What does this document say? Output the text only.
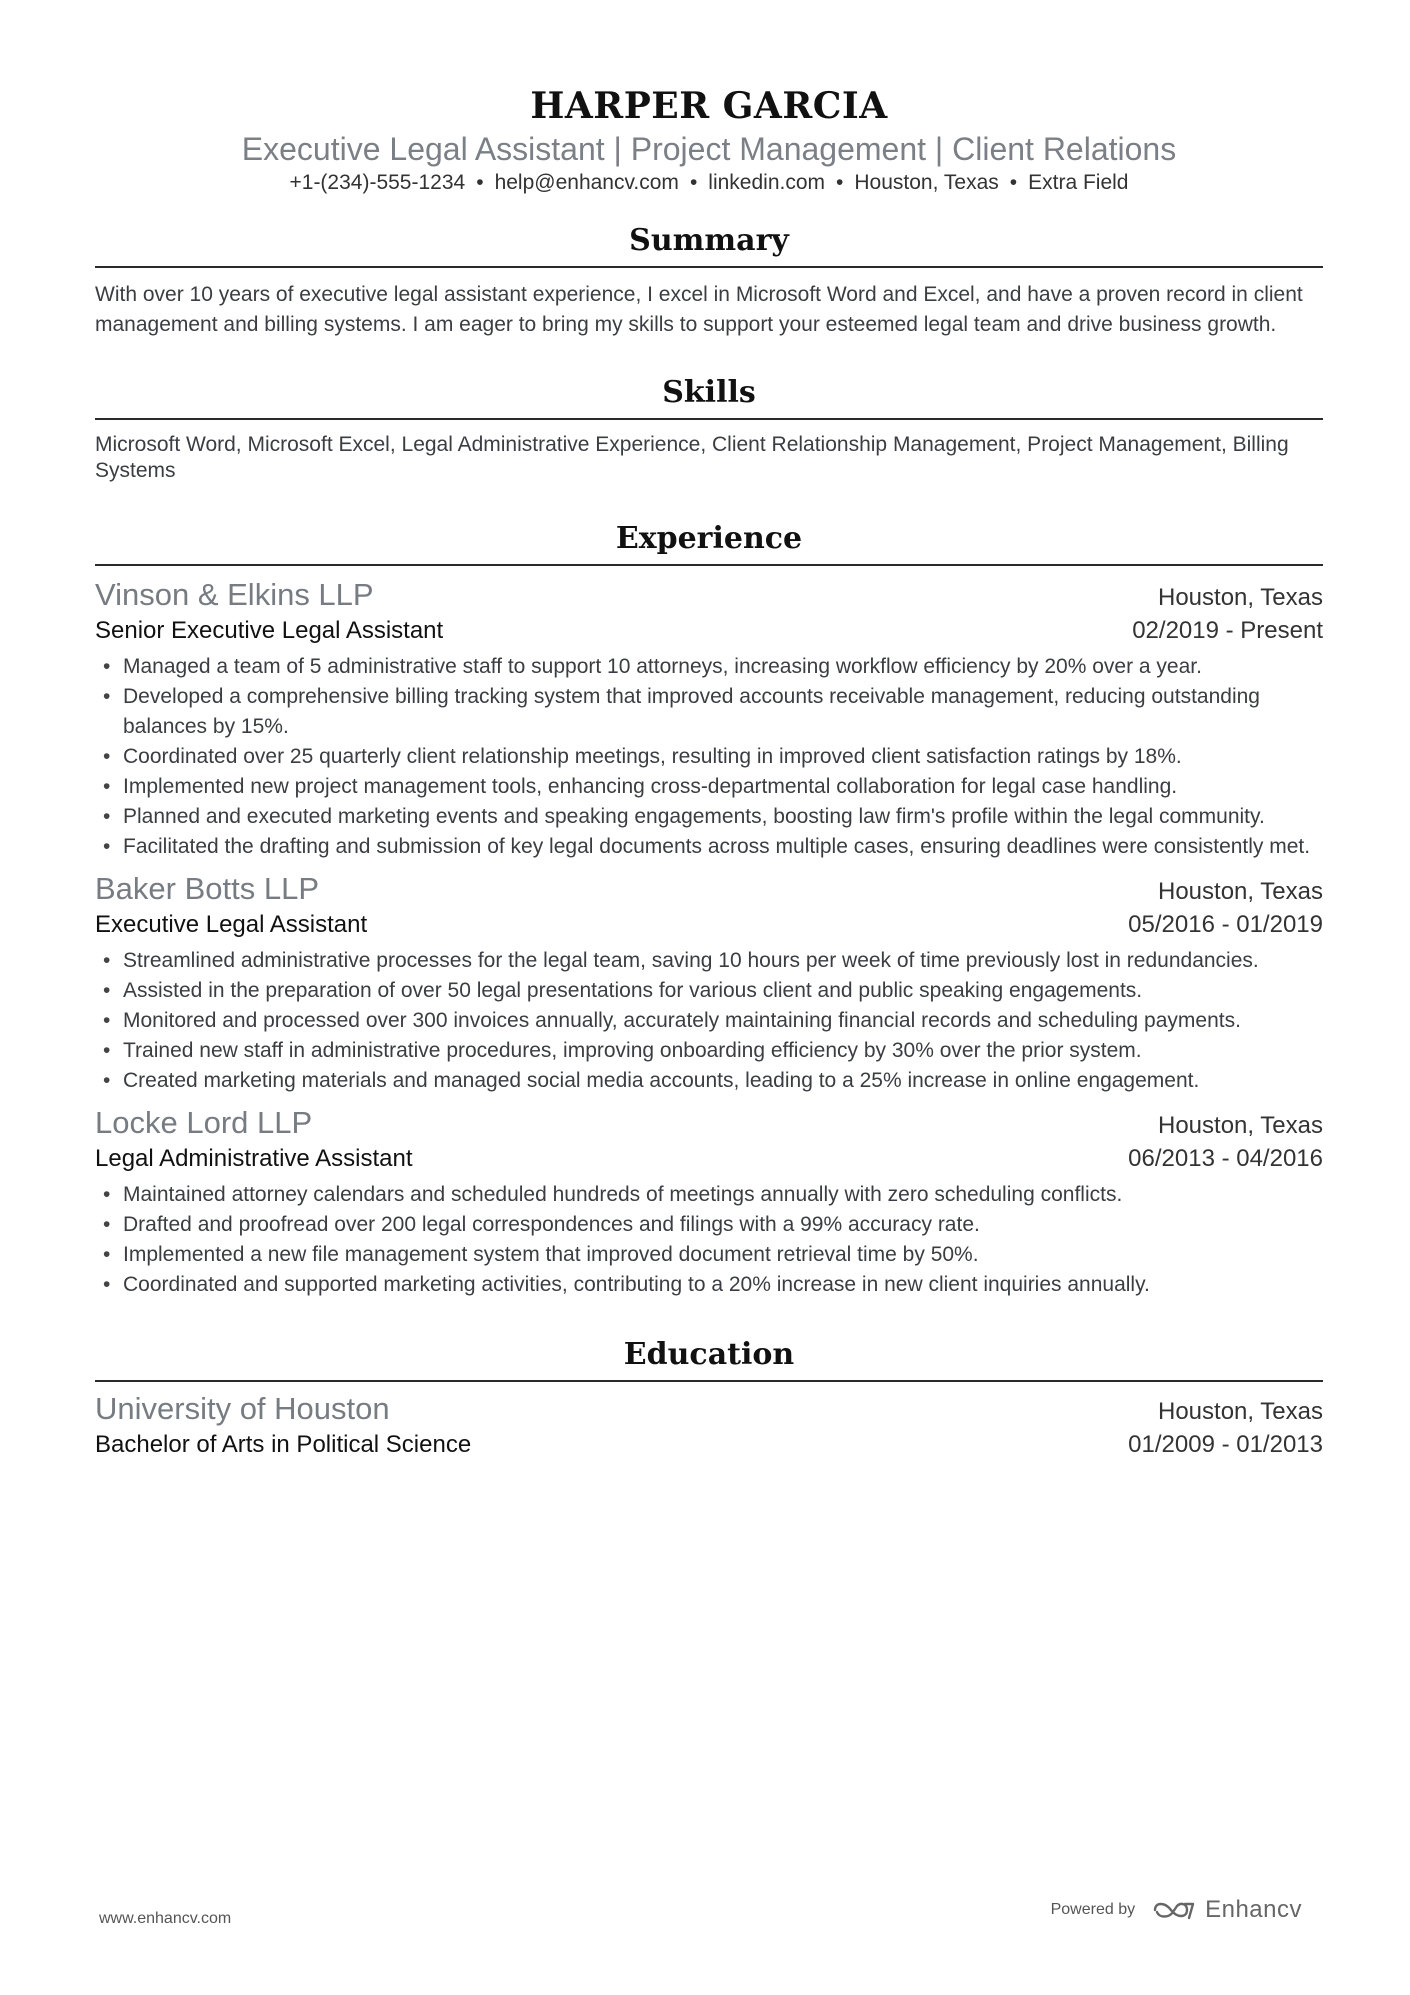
HARPER GARCIA
Executive Legal Assistant | Project Management | Client Relations
+1-(234)-555-1234 • help@enhancv.com • linkedin.com • Houston, Texas • Extra Field
Summary
With over 10 years of executive legal assistant experience, I excel in Microsoft Word and Excel, and have a proven record in client management and billing systems. I am eager to bring my skills to support your esteemed legal team and drive business growth.
Skills
Microsoft Word, Microsoft Excel, Legal Administrative Experience, Client Relationship Management, Project Management, Billing Systems
Experience
Vinson & Elkins LLP	Houston, Texas
Senior Executive Legal Assistant	02/2019 - Present
• Managed a team of 5 administrative staff to support 10 attorneys, increasing workflow efficiency by 20% over a year.
• Developed a comprehensive billing tracking system that improved accounts receivable management, reducing outstanding balances by 15%.
• Coordinated over 25 quarterly client relationship meetings, resulting in improved client satisfaction ratings by 18%.
• Implemented new project management tools, enhancing cross-departmental collaboration for legal case handling.
• Planned and executed marketing events and speaking engagements, boosting law firm's profile within the legal community.
• Facilitated the drafting and submission of key legal documents across multiple cases, ensuring deadlines were consistently met.
Baker Botts LLP	Houston, Texas
Executive Legal Assistant	05/2016 - 01/2019
• Streamlined administrative processes for the legal team, saving 10 hours per week of time previously lost in redundancies.
• Assisted in the preparation of over 50 legal presentations for various client and public speaking engagements.
• Monitored and processed over 300 invoices annually, accurately maintaining financial records and scheduling payments.
• Trained new staff in administrative procedures, improving onboarding efficiency by 30% over the prior system.
• Created marketing materials and managed social media accounts, leading to a 25% increase in online engagement.
Locke Lord LLP	Houston, Texas
Legal Administrative Assistant	06/2013 - 04/2016
• Maintained attorney calendars and scheduled hundreds of meetings annually with zero scheduling conflicts.
• Drafted and proofread over 200 legal correspondences and filings with a 99% accuracy rate.
• Implemented a new file management system that improved document retrieval time by 50%.
• Coordinated and supported marketing activities, contributing to a 20% increase in new client inquiries annually.
Education
University of Houston	Houston, Texas
Bachelor of Arts in Political Science	01/2009 - 01/2013
www.enhancv.com
Powered by	Enhancv
